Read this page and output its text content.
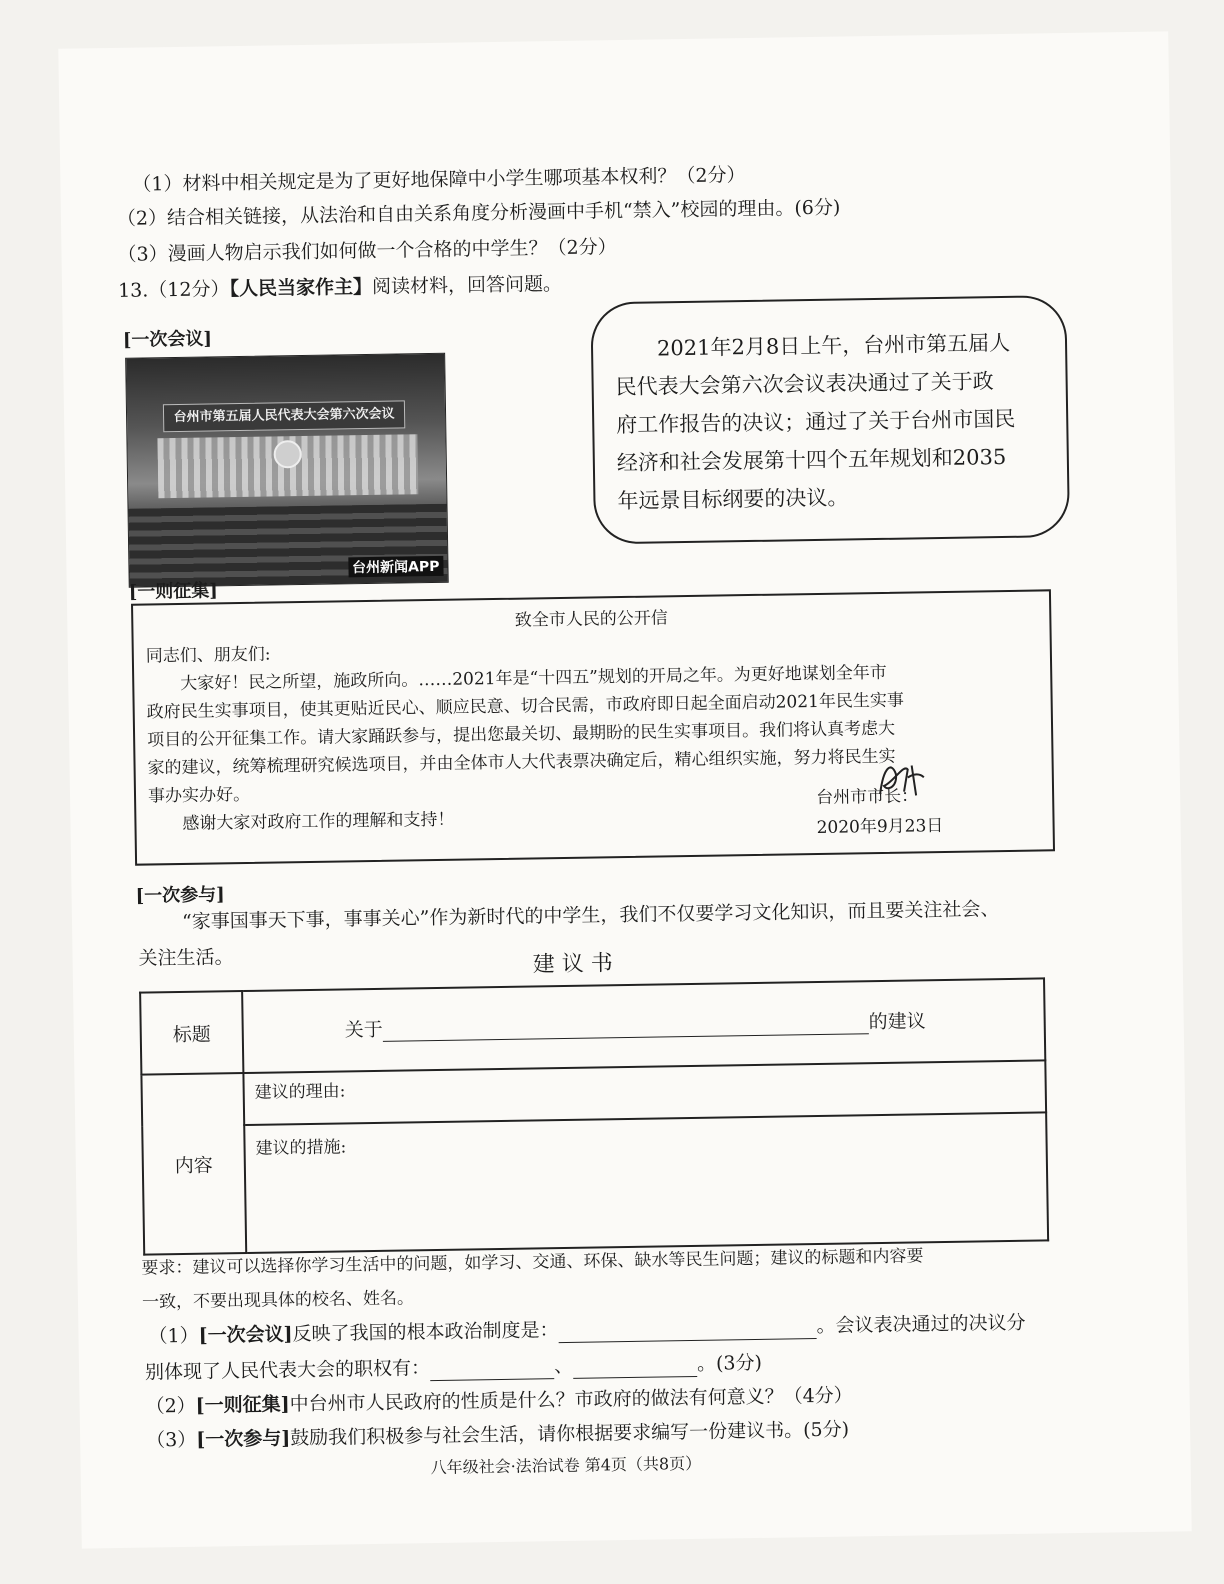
（1）材料中相关规定是为了更好地保障中小学生哪项基本权利？（2分）
（2）结合相关链接，从法治和自由关系角度分析漫画中手机“禁入”校园的理由。(6分)
（3）漫画人物启示我们如何做一个合格的中学生？（2分）
13.（12分）【人民当家作主】阅读材料，回答问题。
[一次会议]
台州市第五届人民代表大会第六次会议
台州新闻APP
2021年2月8日上午，台州市第五届人
民代表大会第六次会议表决通过了关于政
府工作报告的决议；通过了关于台州市国民
经济和社会发展第十四个五年规划和2035
年远景目标纲要的决议。
[一则征集]
致全市人民的公开信
同志们、朋友们:
大家好！民之所望，施政所向。……2021年是“十四五”规划的开局之年。为更好地谋划全年市
政府民生实事项目，使其更贴近民心、顺应民意、切合民需，市政府即日起全面启动2021年民生实事
项目的公开征集工作。请大家踊跃参与，提出您最关切、最期盼的民生实事项目。我们将认真考虑大
家的建议，统筹梳理研究候选项目，并由全体市人大代表票决确定后，精心组织实施，努力将民生实
事办实办好。
感谢大家对政府工作的理解和支持！
台州市市长：
2020年9月23日
[一次参与]
“家事国事天下事，事事关心”作为新时代的中学生，我们不仅要学习文化知识，而且要关注社会、
关注生活。	建 议 书
标题	关于 的建议

内容	建议的理由:
	建议的措施:
要求：建议可以选择你学习生活中的问题，如学习、交通、环保、缺水等民生问题；建议的标题和内容要
一致，不要出现具体的校名、姓名。
（1）[一次会议]反映了我国的根本政治制度是：	。会议表决通过的决议分
别体现了人民代表大会的职权有：	、	。(3分)
（2）[一则征集]中台州市人民政府的性质是什么？市政府的做法有何意义？（4分）
（3）[一次参与]鼓励我们积极参与社会生活，请你根据要求编写一份建议书。(5分)
八年级社会·法治试卷 第4页（共8页）
